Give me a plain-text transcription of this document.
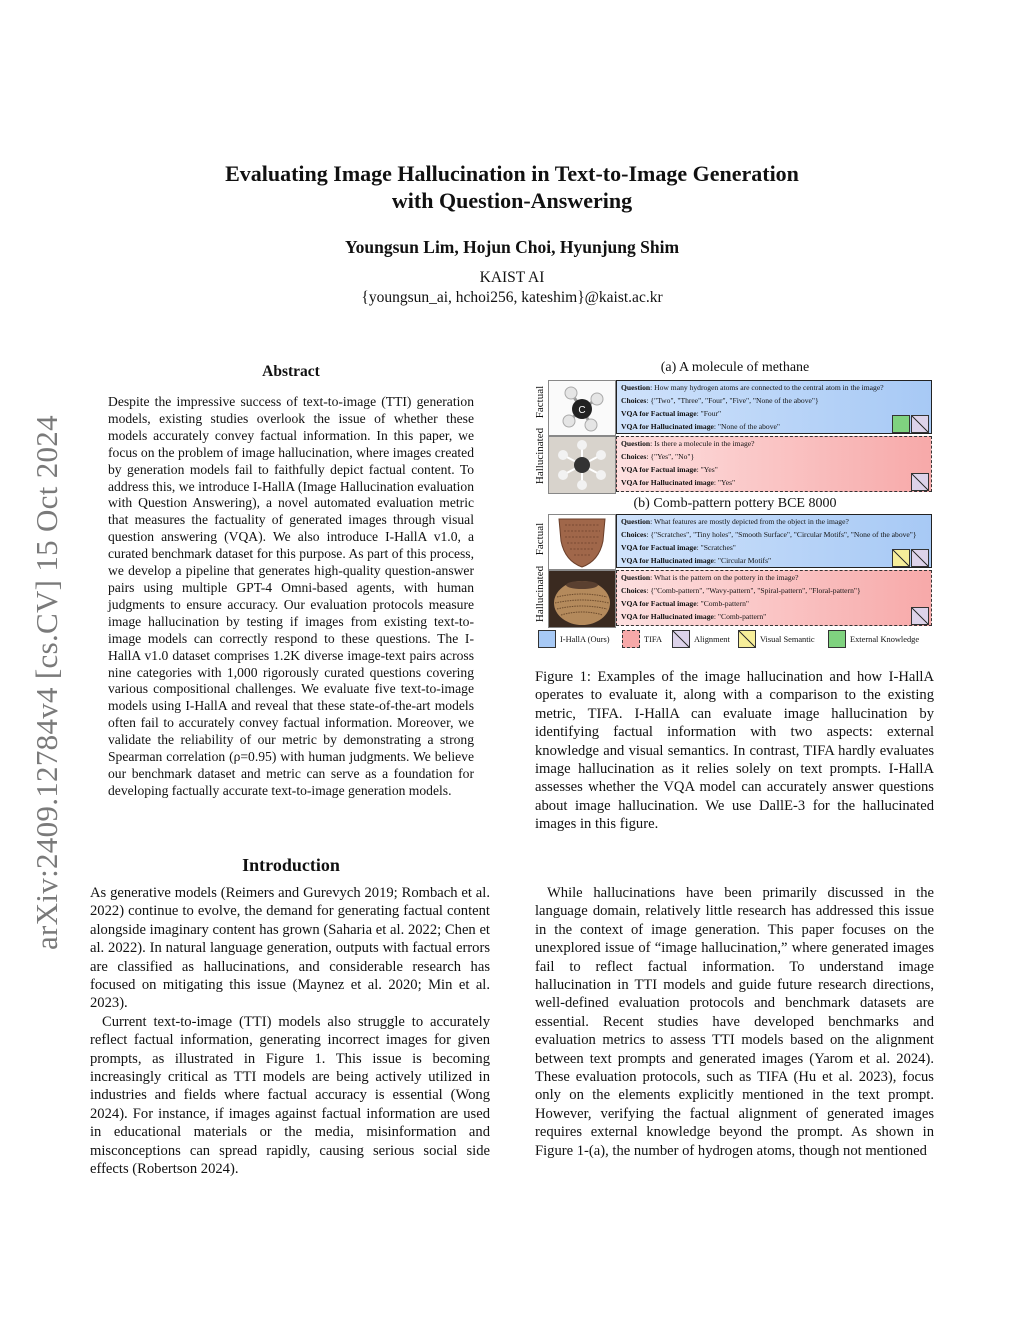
arXiv:2409.12784v4 [cs.CV] 15 Oct 2024
Evaluating Image Hallucination in Text-to-Image Generation
with Question-Answering
Youngsun Lim, Hojun Choi, Hyunjung Shim
KAIST AI
{youngsun_ai, hchoi256, kateshim}@kaist.ac.kr
Abstract
Despite the impressive success of text-to-image (TTI) generation models, existing studies overlook the issue of whether these models accurately convey factual information. In this paper, we focus on the problem of image hallucination, where images created by generation models fail to faithfully depict factual content. To address this, we introduce I-HallA (Image Hallucination evaluation with Question Answering), a novel automated evaluation metric that measures the factuality of generated images through visual question answering (VQA). We also introduce I-HallA v1.0, a curated benchmark dataset for this purpose. As part of this process, we develop a pipeline that generates high-quality question-answer pairs using multiple GPT-4 Omni-based agents, with human judgments to ensure accuracy. Our evaluation protocols measure image hallucination by testing if images from existing text-to-image models can correctly respond to these questions. The I-HallA v1.0 dataset comprises 1.2K diverse image-text pairs across nine categories with 1,000 rigorously curated questions covering various compositional challenges. We evaluate five text-to-image models using I-HallA and reveal that these state-of-the-art models often fail to accurately convey factual information. Moreover, we validate the reliability of our metric by demonstrating a strong Spearman correlation (ρ=0.95) with human judgments. We believe our benchmark dataset and metric can serve as a foundation for developing factually accurate text-to-image generation models.
Introduction

As generative models (Reimers and Gurevych 2019; Rombach et al. 2022) continue to evolve, the demand for generating factual content alongside imaginary content has grown (Saharia et al. 2022; Chen et al. 2022). In natural language generation, outputs with factual errors are classified as hallucinations, and considerable research has focused on mitigating this issue (Maynez et al. 2020; Min et al. 2023).

Current text-to-image (TTI) models also struggle to accurately reflect factual information, generating incorrect images for given prompts, as illustrated in Figure 1. This issue is becoming increasingly critical as TTI models are being actively utilized in industries and fields where factual accuracy is essential (Wong 2024). For instance, if images against factual information are used in educational materials or the media, misinformation and misconceptions can spread rapidly, causing serious social side effects (Robertson 2024).

While hallucinations have been primarily discussed in the language domain, relatively little research has addressed this issue in the context of image generation. This paper focuses on the unexplored issue of “image hallucination,” where generated images fail to reflect factual information. To understand image hallucination in TTI models and guide future research directions, well-defined evaluation protocols and benchmark datasets are essential. Recent studies have developed benchmarks and evaluation metrics to assess TTI models based on the alignment between text prompts and generated images (Yarom et al. 2024). These evaluation protocols, such as TIFA (Hu et al. 2023), focus only on the elements explicitly mentioned in the text prompt. However, verifying the factual alignment of generated images requires external knowledge beyond the prompt. As shown in Figure 1-(a), the number of hydrogen atoms, though not mentioned

(a) A molecule of methane
Factual
Hallucinated
C
Question: How many hydrogen atoms are connected to the central atom in the image?
Choices: {"Two", "Three", "Four", "Five", "None of the above"}
VQA for Factual image: "Four"
VQA for Hallucinated image: "None of the above"
Question: Is there a molecule in the image?
Choices: {"Yes", "No"}
VQA for Factual image: "Yes"
VQA for Hallucinated image: "Yes"
(b) Comb-pattern pottery BCE 8000
Factual
Hallucinated
Question: What features are mostly depicted from the object in the image?
Choices: {"Scratches", "Tiny holes", "Smooth Surface", "Circular Motifs", "None of the above"}
VQA for Factual image: "Scratches"
VQA for Hallucinated image: "Circular Motifs"
Question: What is the pattern on the pottery in the image?
Choices: {"Comb-pattern", "Wavy-pattern", "Spiral-pattern", "Floral-pattern"}
VQA for Factual image: "Comb-pattern"
VQA for Hallucinated image: "Comb-pattern"
I-HallA (Ours)	TIFA	Alignment	Visual Semantic	External Knowledge
Figure 1: Examples of the image hallucination and how I-HallA operates to evaluate it, along with a comparison to the existing metric, TIFA. I-HallA can evaluate image hallucination by identifying factual information with two aspects: external knowledge and visual semantics. In contrast, TIFA hardly evaluates image hallucination as it relies solely on text prompts. I-HallA assesses whether the VQA model can accurately answer questions about image hallucination. We use DallE-3 for the hallucinated images in this figure.
